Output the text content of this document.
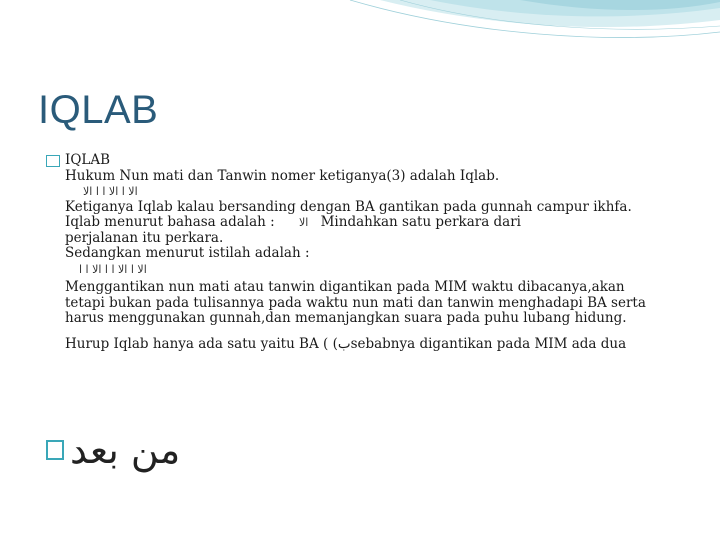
IQLAB
IQLAB
Hukum Nun mati dan Tanwin nomer ketiganya(3) adalah Iqlab.
الا ا الا ا ا الا
Ketiganya Iqlab kalau bersanding dengan BA gantikan pada gunnah campur ikhfa.
Iqlab menurut bahasa adalah : الا Mindahkan satu perkara dari
perjalanan itu perkara.
Sedangkan menurut istilah adalah :
الا ا الا ا ا الا ا ا
Menggantikan nun mati atau tanwin digantikan pada MIM waktu dibacanya,akan
tetapi bukan pada tulisannya pada waktu nun mati dan tanwin menghadapi BA serta
harus menggunakan gunnah,dan memanjangkan suara pada puhu lubang hidung.
Hurup Iqlab hanya ada satu yaitu BA ( (بsebabnya digantikan pada MIM ada dua
من بعد
